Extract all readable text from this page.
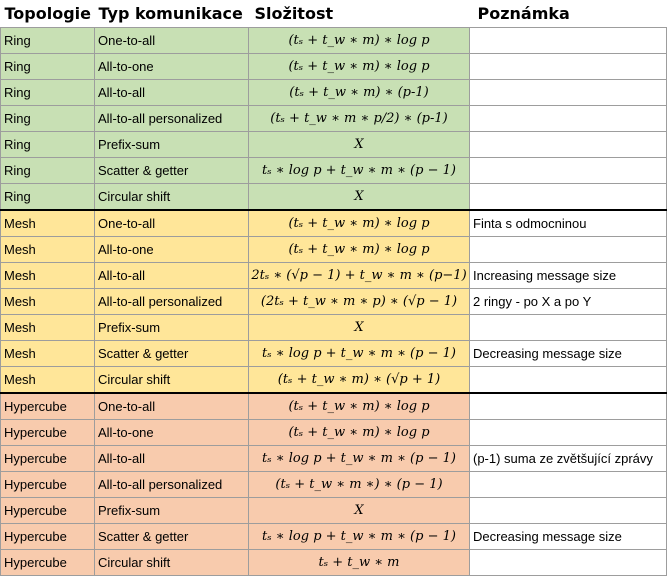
Topologie	Typ komunikace	Složitost	Poznámka
Ring	One-to-all	(tₛ + t_w ∗ m) ∗ log p	
Ring	All-to-one	(tₛ + t_w ∗ m) ∗ log p	
Ring	All-to-all	(tₛ + t_w ∗ m) ∗ (p-1)	
Ring	All-to-all personalized	(tₛ + t_w ∗ m ∗ p/2) ∗ (p-1)	
Ring	Prefix-sum	X	
Ring	Scatter & getter	tₛ ∗ log p + t_w ∗ m ∗ (p − 1)	
Ring	Circular shift	X	
Mesh	One-to-all	(tₛ + t_w ∗ m) ∗ log p	Finta s odmocninou
Mesh	All-to-one	(tₛ + t_w ∗ m) ∗ log p	
Mesh	All-to-all	2tₛ ∗ (√p − 1) + t_w ∗ m ∗ (p−1)	Increasing message size
Mesh	All-to-all personalized	(2tₛ + t_w ∗ m ∗ p) ∗ (√p − 1)	2 ringy - po X a po Y
Mesh	Prefix-sum	X	
Mesh	Scatter & getter	tₛ ∗ log p + t_w ∗ m ∗ (p − 1)	Decreasing message size
Mesh	Circular shift	(tₛ + t_w ∗ m) ∗ (√p + 1)	
Hypercube	One-to-all	(tₛ + t_w ∗ m) ∗ log p	
Hypercube	All-to-one	(tₛ + t_w ∗ m) ∗ log p	
Hypercube	All-to-all	tₛ ∗ log p + t_w ∗ m ∗ (p − 1)	(p-1) suma ze zvětšující zprávy
Hypercube	All-to-all personalized	(tₛ + t_w ∗ m ∗) ∗ (p − 1)	
Hypercube	Prefix-sum	X	
Hypercube	Scatter & getter	tₛ ∗ log p + t_w ∗ m ∗ (p − 1)	Decreasing message size
Hypercube	Circular shift	tₛ + t_w ∗ m	
